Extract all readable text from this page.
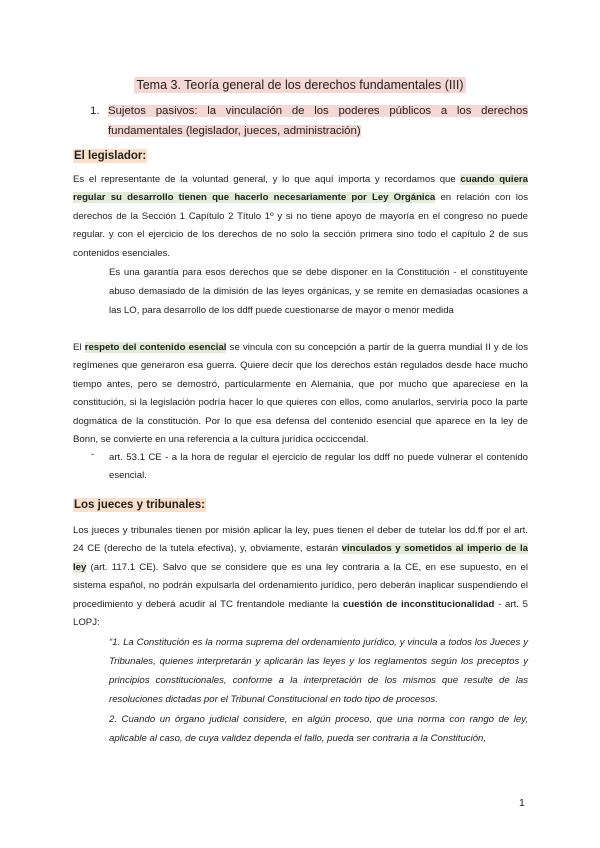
Tema 3. Teoría general de los derechos fundamentales (III)
1. Sujetos pasivos: la vinculación de los poderes públicos a los derechos fundamentales (legislador, jueces, administración)
El legislador:
Es el representante de la voluntad general, y lo que aquí importa y recordamos que cuando quiera regular su desarrollo tienen que hacerlo necesariamente por Ley Orgánica en relación con los derechos de la Sección 1 Capítulo 2 Título 1º y si no tiene apoyo de mayoría en el congreso no puede regular. y con el ejercicio de los derechos de no solo la sección primera sino todo el capítulo 2 de sus contenidos esenciales.
Es una garantía para esos derechos que se debe disponer en la Constitución - el constituyente abuso demasiado de la dimisión de las leyes orgánicas, y se remite en demasiadas ocasiones a las LO, para desarrollo de los ddff puede cuestionarse de mayor o menor medida
El respeto del contenido esencial se vincula con su concepción a partir de la guerra mundial II y de los regímenes que generaron esa guerra. Quiere decir que los derechos están regulados desde hace mucho tiempo antes, pero se demostró, particularmente en Alemania, que por mucho que apareciese en la constitución, si la legislación podría hacer lo que quieres con ellos, como anularlos, serviría poco la parte dogmática de la constitución. Por lo que esa defensa del contenido esencial que aparece en la ley de Bonn, se convierte en una referencia a la cultura jurídica occiccendal.
- art. 53.1 CE - a la hora de regular el ejercicio de regular los ddff no puede vulnerar el contenido esencial.
Los jueces y tribunales:
Los jueces y tribunales tienen por misión aplicar la ley, pues tienen el deber de tutelar los dd.ff por el art. 24 CE (derecho de la tutela efectiva), y, obviamente, estarán vinculados y sometidos al imperio de la ley (art. 117.1 CE). Salvo que se considere que es una ley contraria a la CE, en ese supuesto, en el sistema español, no podrán expulsarla del ordenamiento jurídico, pero deberán inaplicar suspendiendo el procedimiento y deberá acudir al TC frentandole mediante la cuestión de inconstitucionalidad - art. 5 LOPJ:
“1. La Constitución es la norma suprema del ordenamiento jurídico, y vincula a todos los Jueces y Tribunales, quienes interpretarán y aplicarán las leyes y los reglamentos según los preceptos y principios constitucionales, conforme a la interpretación de los mismos que resulte de las resoluciones dictadas por el Tribunal Constitucional en todo tipo de procesos.
2. Cuando un órgano judicial considere, en algún proceso, que una norma con rango de ley, aplicable al caso, de cuya validez dependa el fallo, pueda ser contraria a la Constitución,
1
